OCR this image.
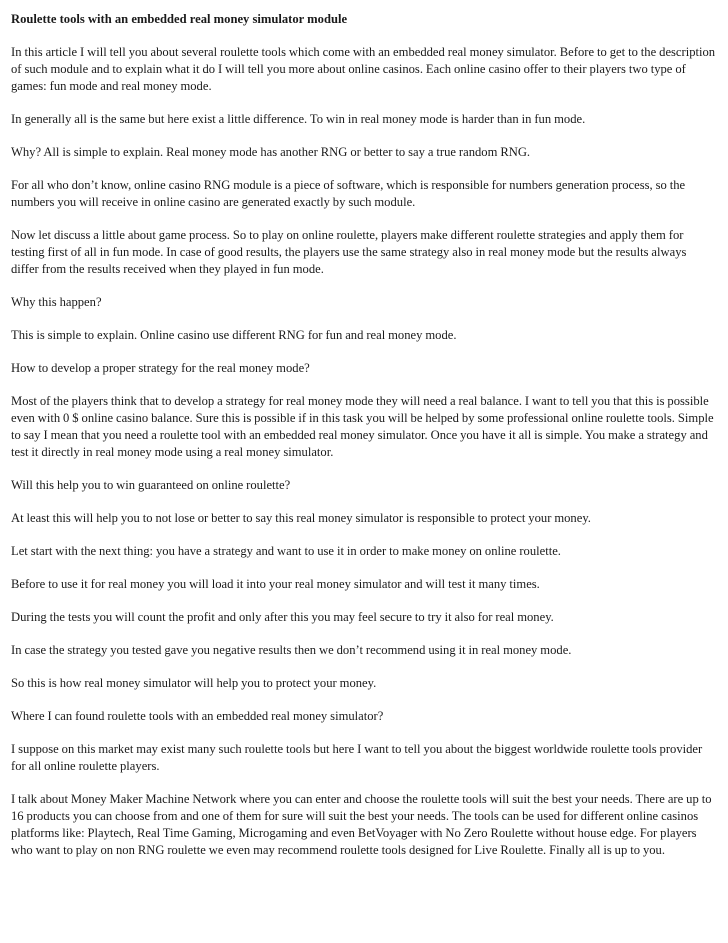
Roulette tools with an embedded real money simulator module
In this article I will tell you about several roulette tools which come with an embedded real money simulator. Before to get to the description of such module and to explain what it do I will tell you more about online casinos. Each online casino offer to their players two type of games: fun mode and real money mode.
In generally all is the same but here exist a little difference. To win in real money mode is harder than in fun mode.
Why? All is simple to explain. Real money mode has another RNG or better to say a true random RNG.
For all who don’t know, online casino RNG module is a piece of software, which is responsible for numbers generation process, so the numbers you will receive in online casino are generated exactly by such module.
Now let discuss a little about game process. So to play on online roulette, players make different roulette strategies and apply them for testing first of all in fun mode. In case of good results, the players use the same strategy also in real money mode but the results always differ from the results received when they played in fun mode.
Why this happen?
This is simple to explain. Online casino use different RNG for fun and real money mode.
How to develop a proper strategy for the real money mode?
Most of the players think that to develop a strategy for real money mode they will need a real balance. I want to tell you that this is possible even with 0 $ online casino balance. Sure this is possible if in this task you will be helped by some professional online roulette tools. Simple to say I mean that you need a roulette tool with an embedded real money simulator. Once you have it all is simple. You make a strategy and test it directly in real money mode using a real money simulator.
Will this help you to win guaranteed on online roulette?
At least this will help you to not lose or better to say this real money simulator is responsible to protect your money.
Let start with the next thing: you have a strategy and want to use it in order to make money on online roulette.
Before to use it for real money you will load it into your real money simulator and will test it many times.
During the tests you will count the profit and only after this you may feel secure to try it also for real money.
In case the strategy you tested gave you negative results then we don’t recommend using it in real money mode.
So this is how real money simulator will help you to protect your money.
Where I can found roulette tools with an embedded real money simulator?
I suppose on this market may exist many such roulette tools but here I want to tell you about the biggest worldwide roulette tools provider for all online roulette players.
I talk about Money Maker Machine Network where you can enter and choose the roulette tools will suit the best your needs. There are up to 16 products you can choose from and one of them for sure will suit the best your needs. The tools can be used for different online casinos platforms like: Playtech, Real Time Gaming, Microgaming and even BetVoyager with No Zero Roulette without house edge. For players who want to play on non RNG roulette we even may recommend roulette tools designed for Live Roulette. Finally all is up to you.
